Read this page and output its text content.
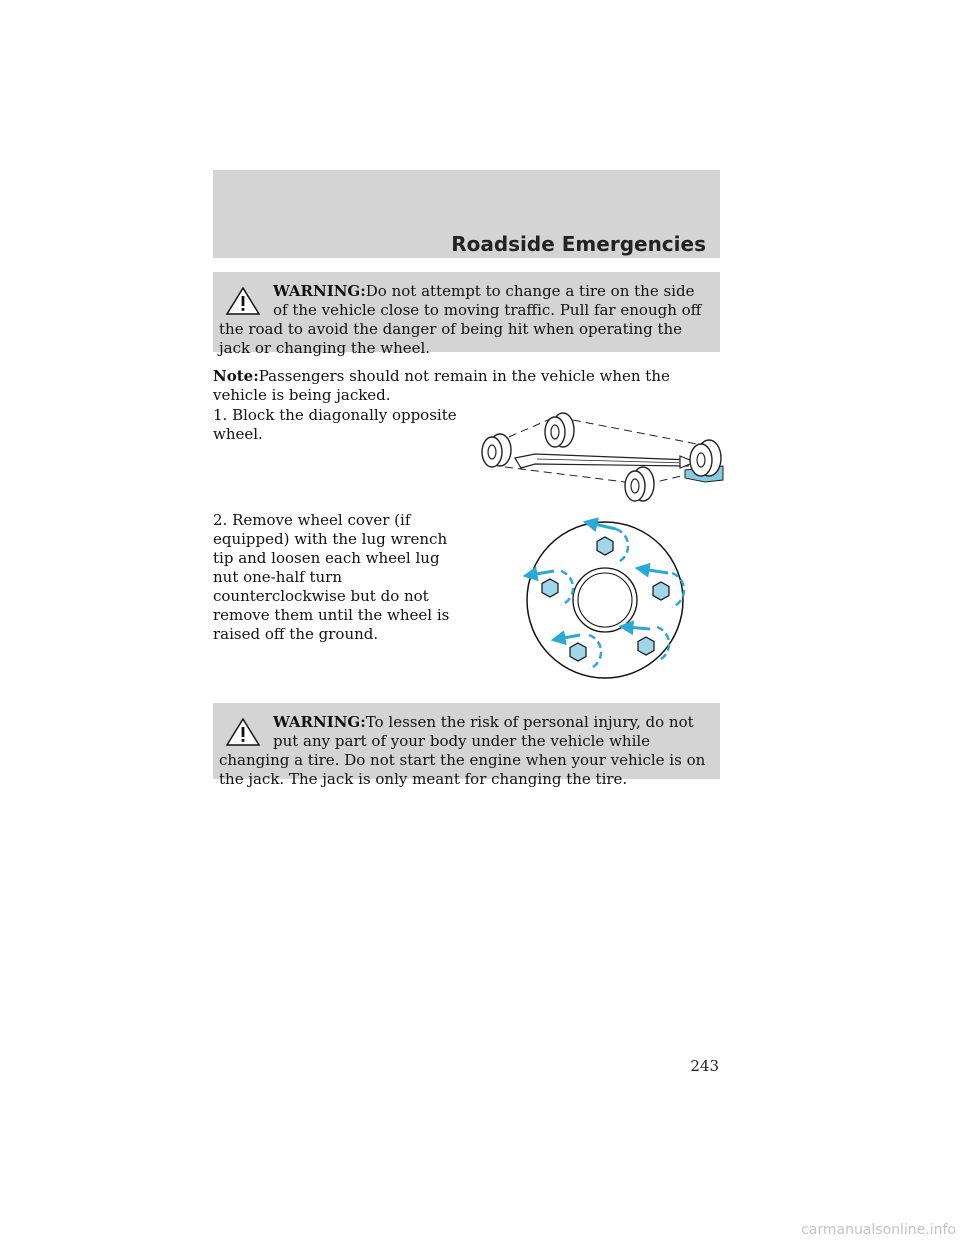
Roadside Emergencies
WARNING:Do not attempt to change a tire on the side of the vehicle close to moving traffic. Pull far enough off the road to avoid the danger of being hit when operating the jack or changing the wheel.
Note:Passengers should not remain in the vehicle when the vehicle is being jacked.
1. Block the diagonally opposite wheel.
2. Remove wheel cover (if equipped) with the lug wrench tip and loosen each wheel lug nut one-half turn counterclockwise but do not remove them until the wheel is raised off the ground.
WARNING:To lessen the risk of personal injury, do not put any part of your body under the vehicle while changing a tire. Do not start the engine when your vehicle is on the jack. The jack is only meant for changing the tire.
243
carmanualsonline.info
